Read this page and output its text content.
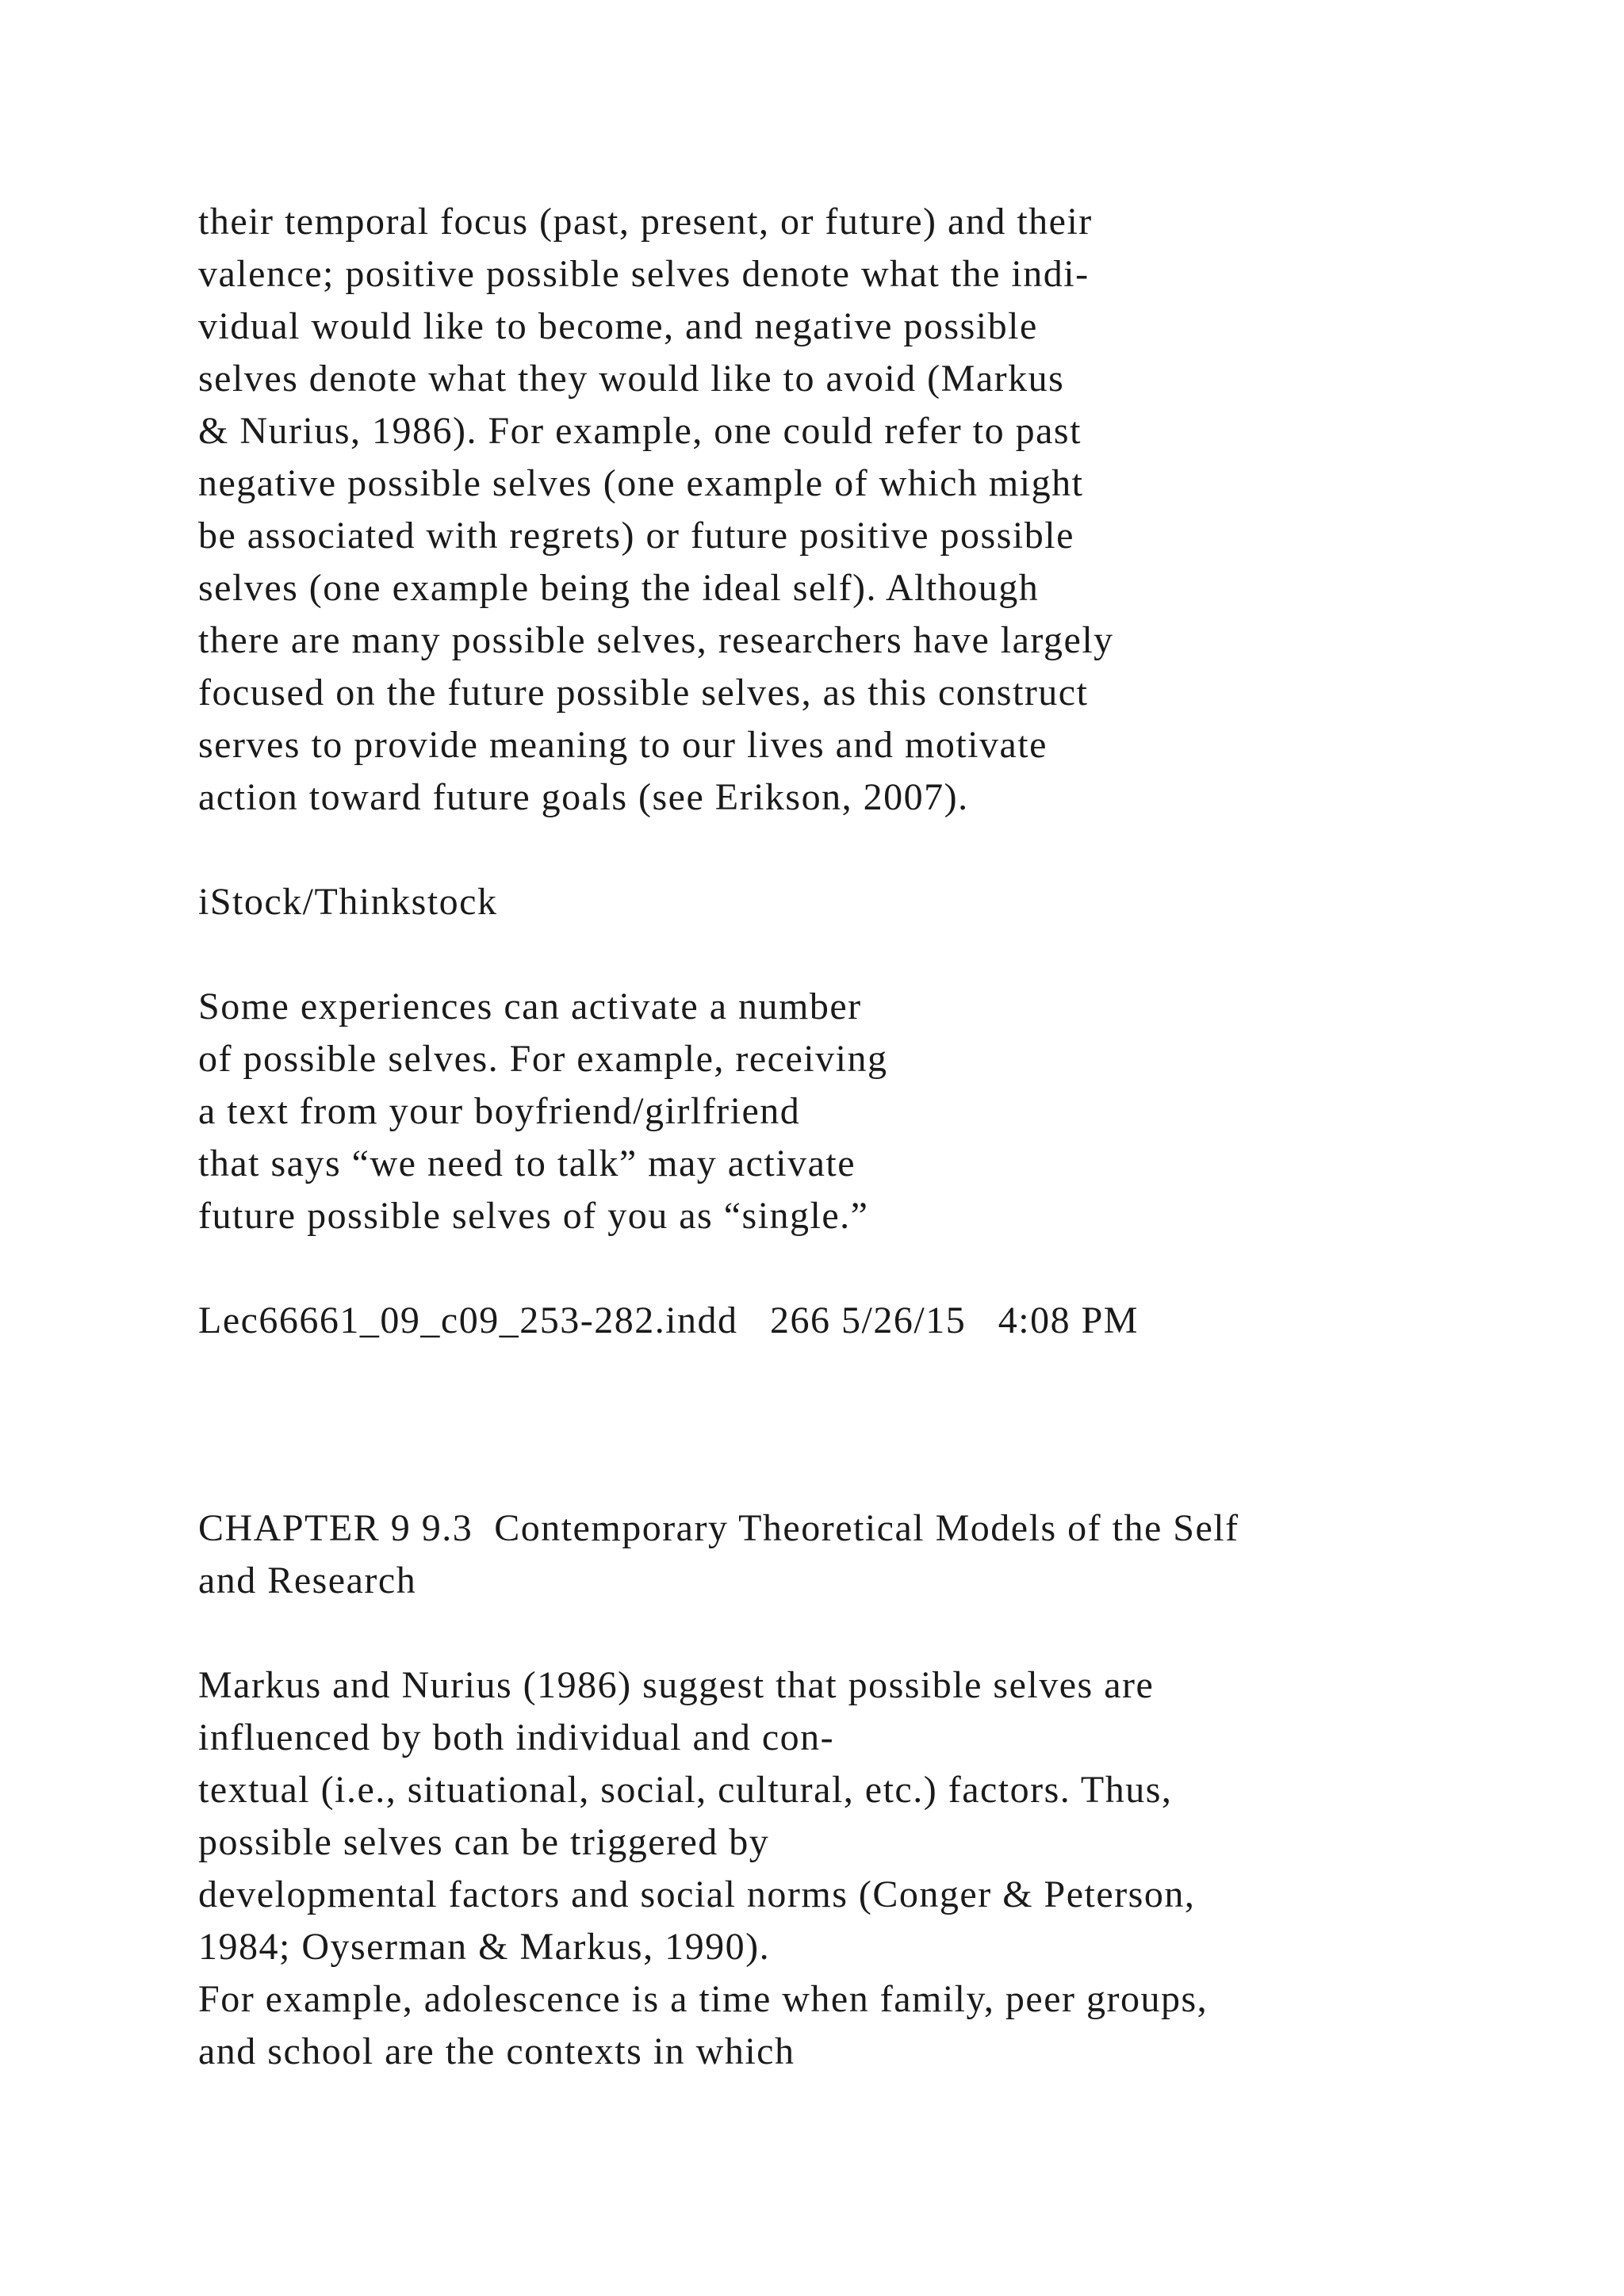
their temporal focus (past, present, or future) and their
valence; positive possible selves denote what the indi-
vidual would like to become, and negative possible
selves denote what they would like to avoid (Markus
& Nurius, 1986). For example, one could refer to past
negative possible selves (one example of which might
be associated with regrets) or future positive possible
selves (one example being the ideal self). Although
there are many possible selves, researchers have largely
focused on the future possible selves, as this construct
serves to provide meaning to our lives and motivate
action toward future goals (see Erikson, 2007).
iStock/Thinkstock
Some experiences can activate a number
of possible selves. For example, receiving
a text from your boyfriend/girlfriend
that says “we need to talk” may activate
future possible selves of you as “single.”
Lec66661_09_c09_253-282.indd   266 5/26/15   4:08 PM
CHAPTER 9 9.3  Contemporary Theoretical Models of the Self
and Research
Markus and Nurius (1986) suggest that possible selves are
influenced by both individual and con-
textual (i.e., situational, social, cultural, etc.) factors. Thus,
possible selves can be triggered by
developmental factors and social norms (Conger & Peterson,
1984; Oyserman & Markus, 1990).
For example, adolescence is a time when family, peer groups,
and school are the contexts in which
